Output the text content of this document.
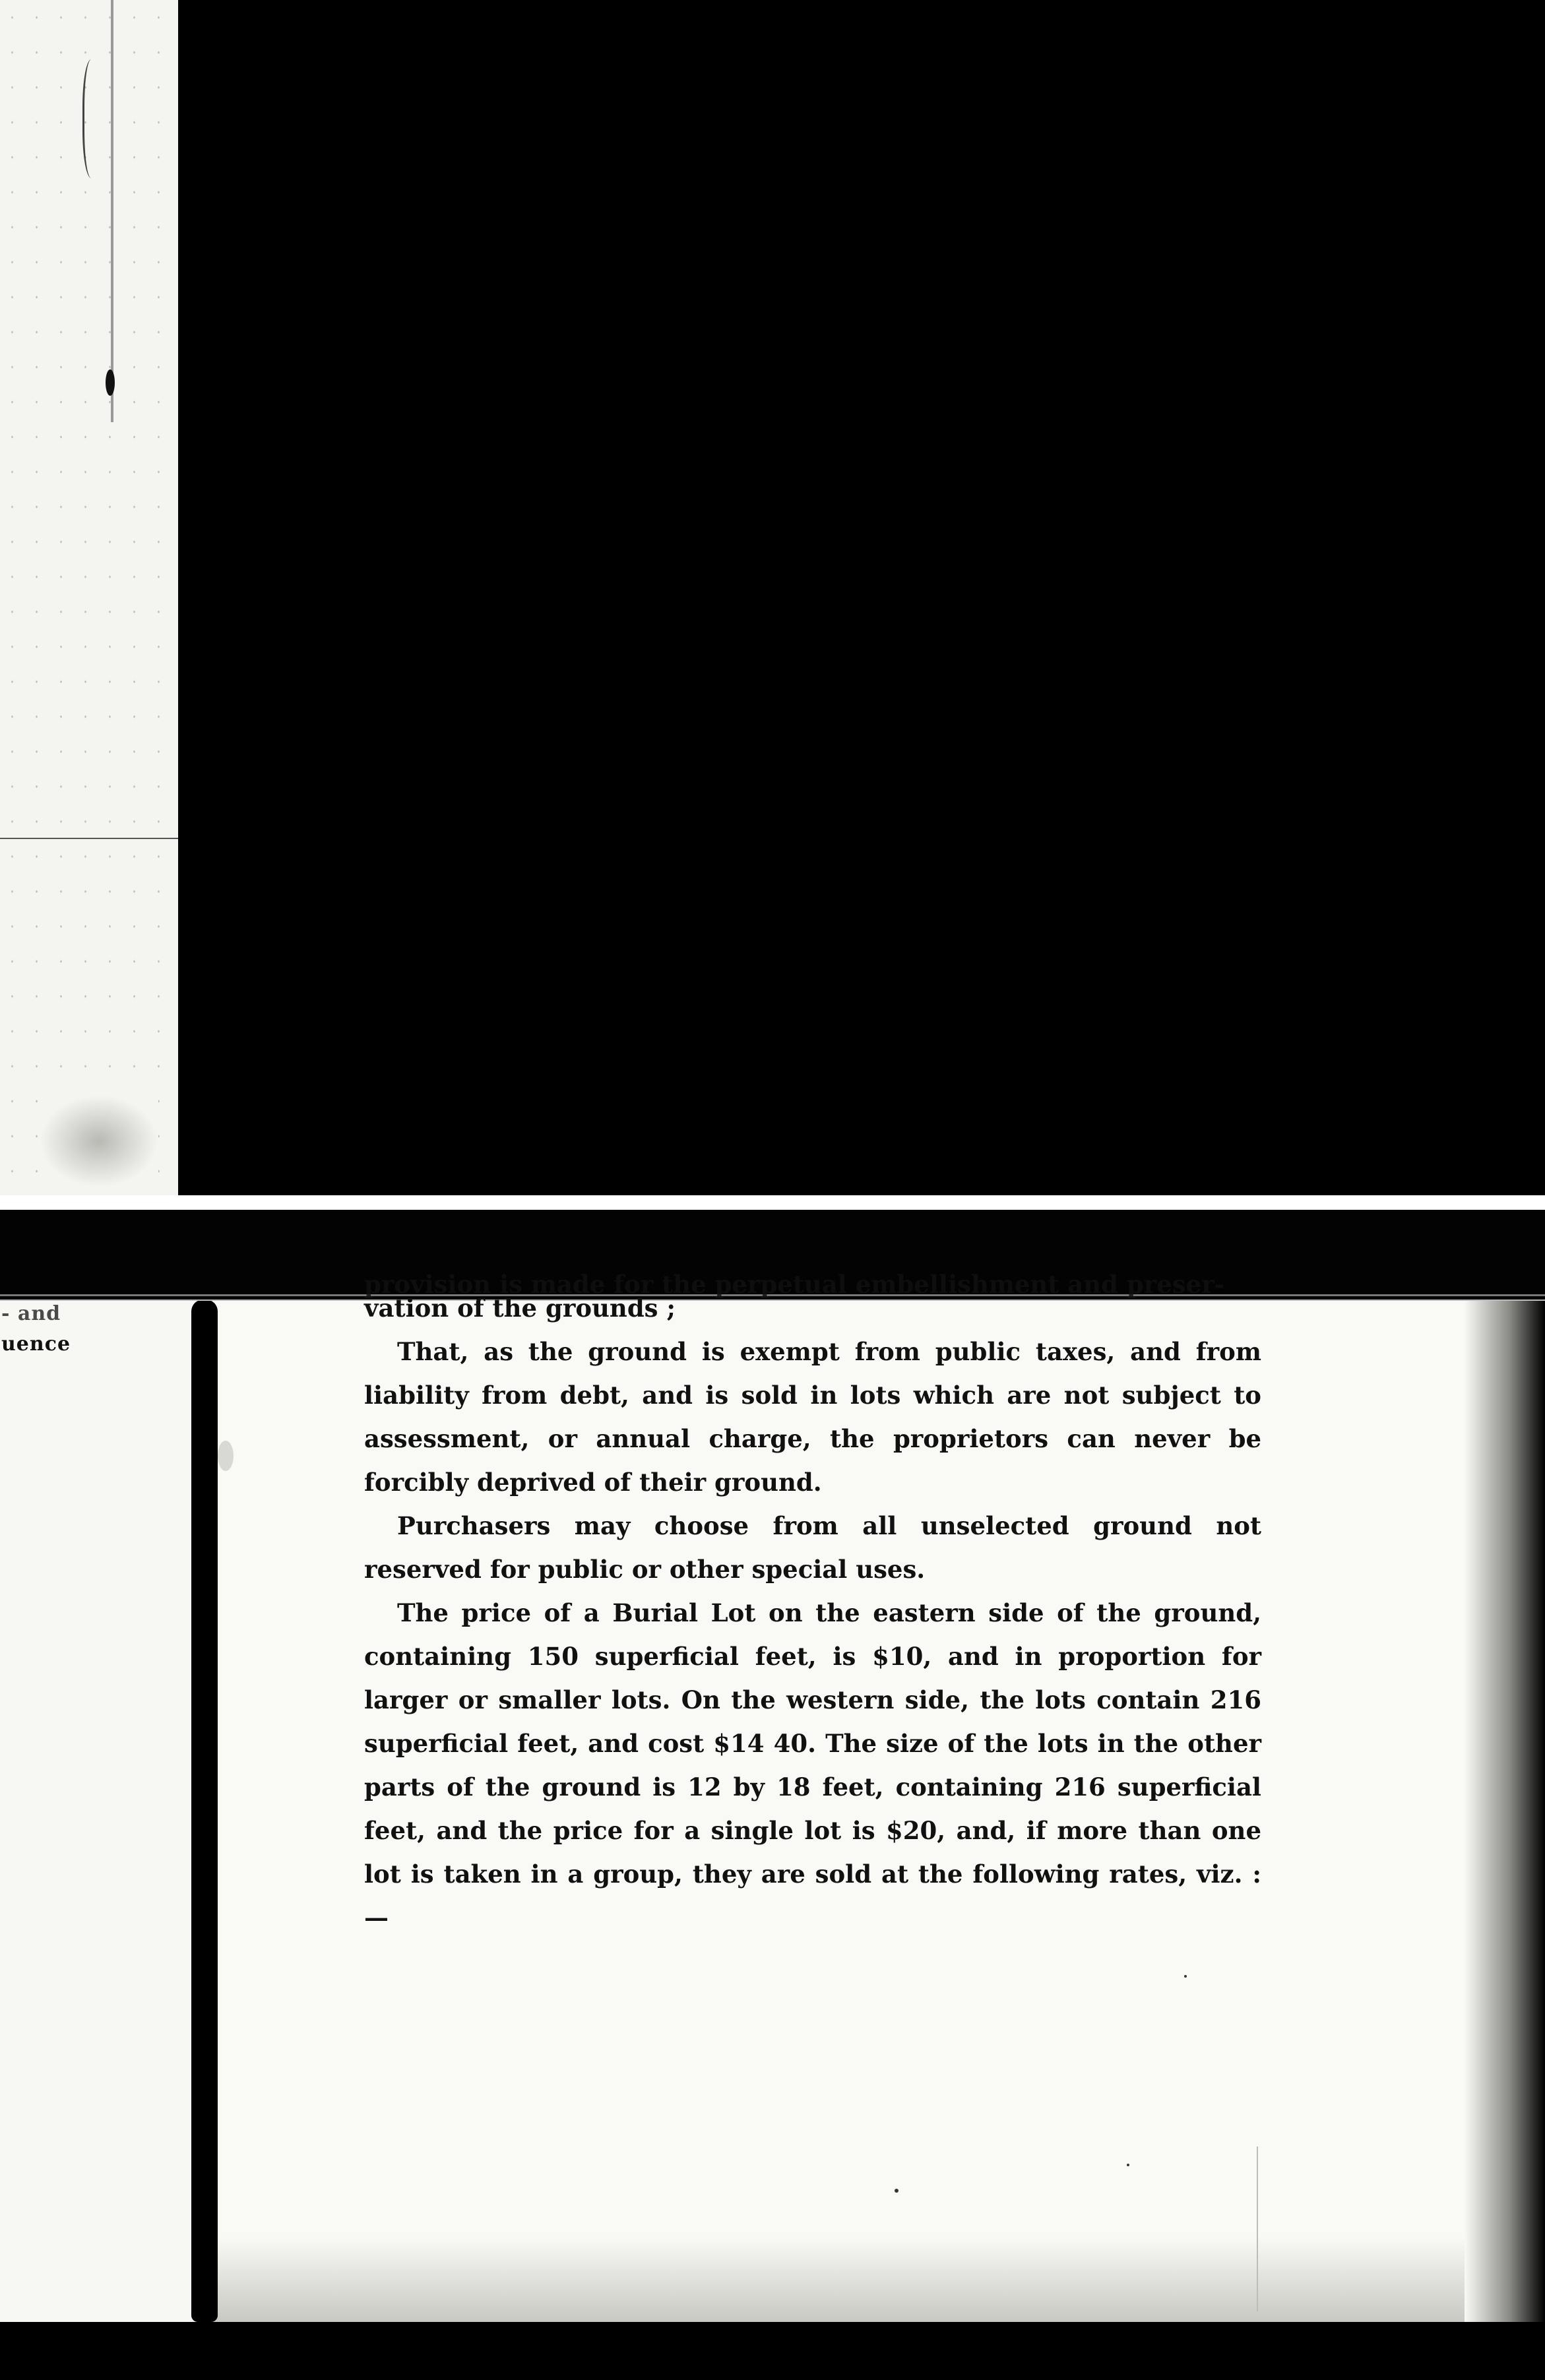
‑ and
uence

vation of the grounds ;

That, as the ground is exempt from public taxes, and from liability from debt, and is sold in lots which are not subject to assessment, or annual charge, the proprietors can never be forcibly deprived of their ground.

Purchasers may choose from all unselected ground not reserved for public or other special uses.

The price of a Burial Lot on the eastern side of the ground, containing 150 superficial feet, is $10, and in proportion for larger or smaller lots. On the western side, the lots contain 216 superficial feet, and cost $14 40. The size of the lots in the other parts of the ground is 12 by 18 feet, containing 216 superficial feet, and the price for a single lot is $20, and, if more than one lot is taken in a group, they are sold at the following rates, viz. :—
